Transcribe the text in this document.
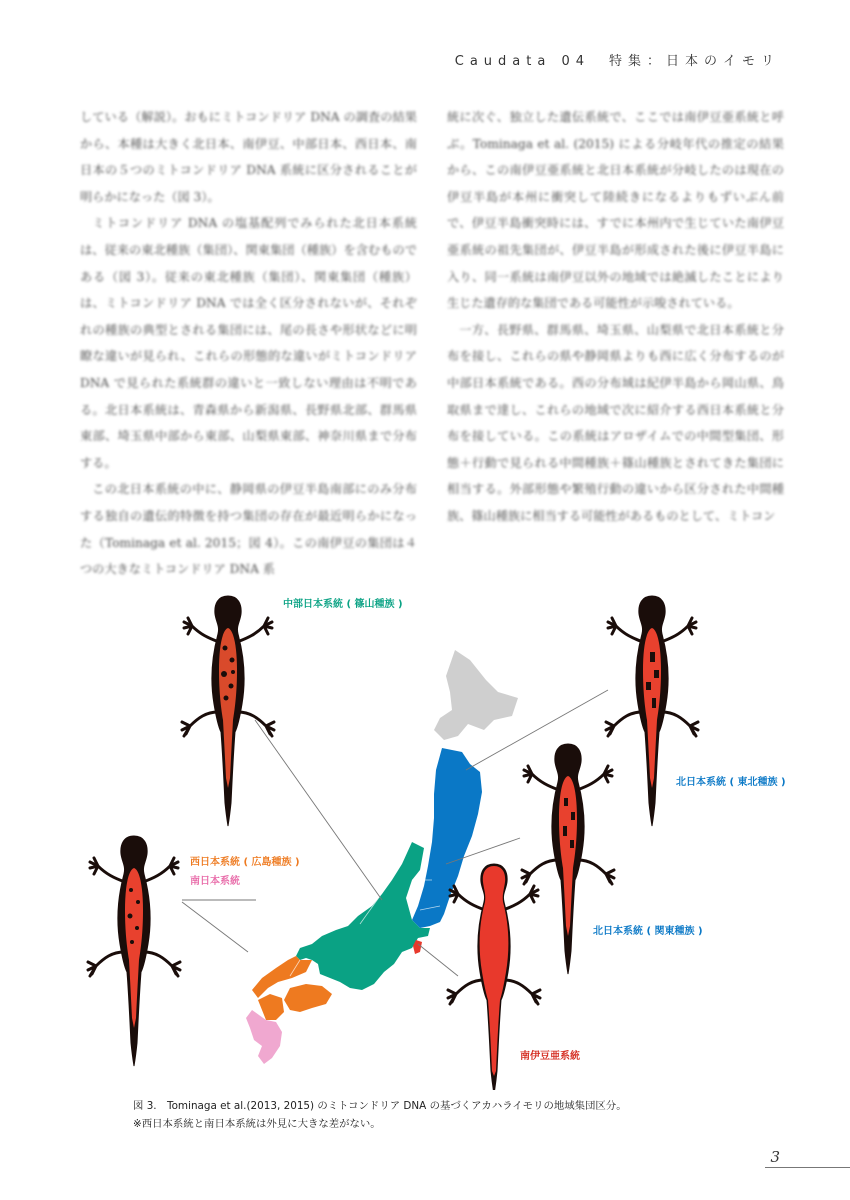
Caudata 04　特集：日本のイモリ

している（解説）。おもにミトコンドリア DNA の調査の結果から、本種は大きく北日本、南伊豆、中部日本、西日本、南日本の５つのミトコンドリア DNA 系統に区分されることが明らかになった（図 3）。

ミトコンドリア DNA の塩基配列でみられた北日本系統は、従来の東北種族（集団）、関東集団（種族）を含むものである（図 3）。従来の東北種族（集団）、関東集団（種族）は、ミトコンドリア DNA では全く区分されないが、それぞれの種族の典型とされる集団には、尾の長さや形状などに明瞭な違いが見られ、これらの形態的な違いがミトコンドリア DNA で見られた系統群の違いと一致しない理由は不明である。北日本系統は、青森県から新潟県、長野県北部、群馬県東部、埼玉県中部から東部、山梨県東部、神奈川県まで分布する。

この北日本系統の中に、静岡県の伊豆半島南部にのみ分布する独自の遺伝的特徴を持つ集団の存在が最近明らかになった（Tominaga et al. 2015；図 4）。この南伊豆の集団は４つの大きなミトコンドリア DNA 系

統に次ぐ、独立した遺伝系統で、ここでは南伊豆亜系統と呼ぶ。Tominaga et al. (2015) による分岐年代の推定の結果から、この南伊豆亜系統と北日本系統が分岐したのは現在の伊豆半島が本州に衝突して陸続きになるよりもずいぶん前で、伊豆半島衝突時には、すでに本州内で生じていた南伊豆亜系統の祖先集団が、伊豆半島が形成された後に伊豆半島に入り、同一系統は南伊豆以外の地域では絶滅したことにより生じた遺存的な集団である可能性が示唆されている。

一方、長野県、群馬県、埼玉県、山梨県で北日本系統と分布を接し、これらの県や静岡県よりも西に広く分布するのが中部日本系統である。西の分布域は紀伊半島から岡山県、鳥取県まで達し、これらの地域で次に紹介する西日本系統と分布を接している。この系統はアロザイムでの中間型集団、形態＋行動で見られる中間種族＋篠山種族とされてきた集団に相当する。外部形態や繁殖行動の違いから区分された中間種族、篠山種族に相当する可能性があるものとして、ミトコン

中部日本系統 ( 篠山種族 )
北日本系統 ( 東北種族 )
西日本系統 ( 広島種族 )
南日本系統
北日本系統 ( 関東種族 )
南伊豆亜系統
図 3.　Tominaga et al.(2013, 2015) のミトコンドリア DNA の基づくアカハライモリの地域集団区分。
※西日本系統と南日本系統は外見に大きな差がない。
3
